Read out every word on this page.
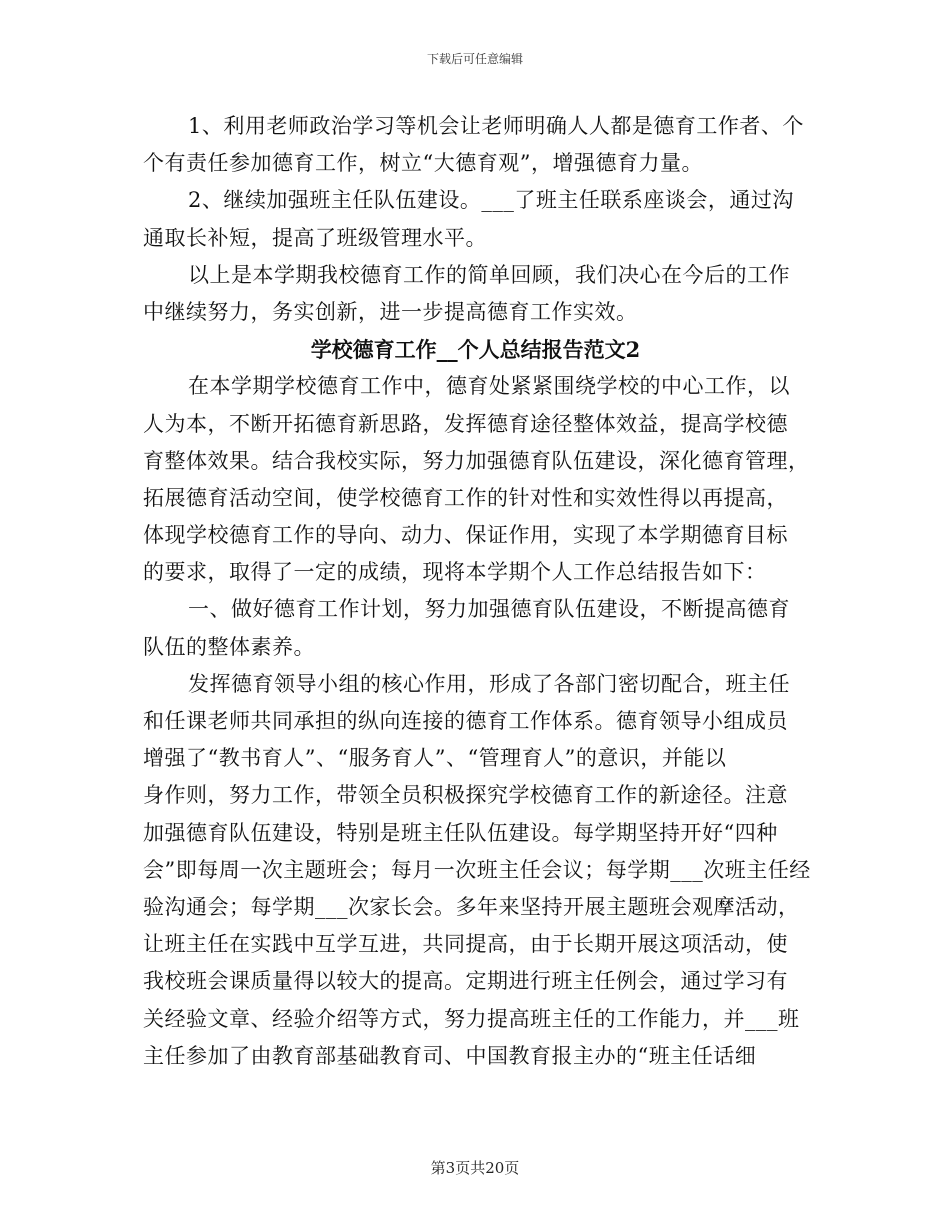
下载后可任意编辑
1、利用老师政治学习等机会让老师明确人人都是德育工作者、个
个有责任参加德育工作，树立“大德育观”，增强德育力量。
2、继续加强班主任队伍建设。___了班主任联系座谈会，通过沟
通取长补短，提高了班级管理水平。
以上是本学期我校德育工作的简单回顾，我们决心在今后的工作
中继续努力，务实创新，进一步提高德育工作实效。
学校德育工作__个人总结报告范文2
在本学期学校德育工作中，德育处紧紧围绕学校的中心工作，以
人为本，不断开拓德育新思路，发挥德育途径整体效益，提高学校德
育整体效果。结合我校实际，努力加强德育队伍建设，深化德育管理，
拓展德育活动空间，使学校德育工作的针对性和实效性得以再提高，
体现学校德育工作的导向、动力、保证作用，实现了本学期德育目标
的要求，取得了一定的成绩，现将本学期个人工作总结报告如下：
一、做好德育工作计划，努力加强德育队伍建设，不断提高德育
队伍的整体素养。
发挥德育领导小组的核心作用，形成了各部门密切配合，班主任
和任课老师共同承担的纵向连接的德育工作体系。德育领导小组成员
增强了“教书育人”、“服务育人”、“管理育人”的意识，并能以
身作则，努力工作，带领全员积极探究学校德育工作的新途径。注意
加强德育队伍建设，特别是班主任队伍建设。每学期坚持开好“四种
会”即每周一次主题班会；每月一次班主任会议；每学期___次班主任经
验沟通会；每学期___次家长会。多年来坚持开展主题班会观摩活动，
让班主任在实践中互学互进，共同提高，由于长期开展这项活动，使
我校班会课质量得以较大的提高。定期进行班主任例会，通过学习有
关经验文章、经验介绍等方式，努力提高班主任的工作能力，并___班
主任参加了由教育部基础教育司、中国教育报主办的“班主任话细
第3页共20页
